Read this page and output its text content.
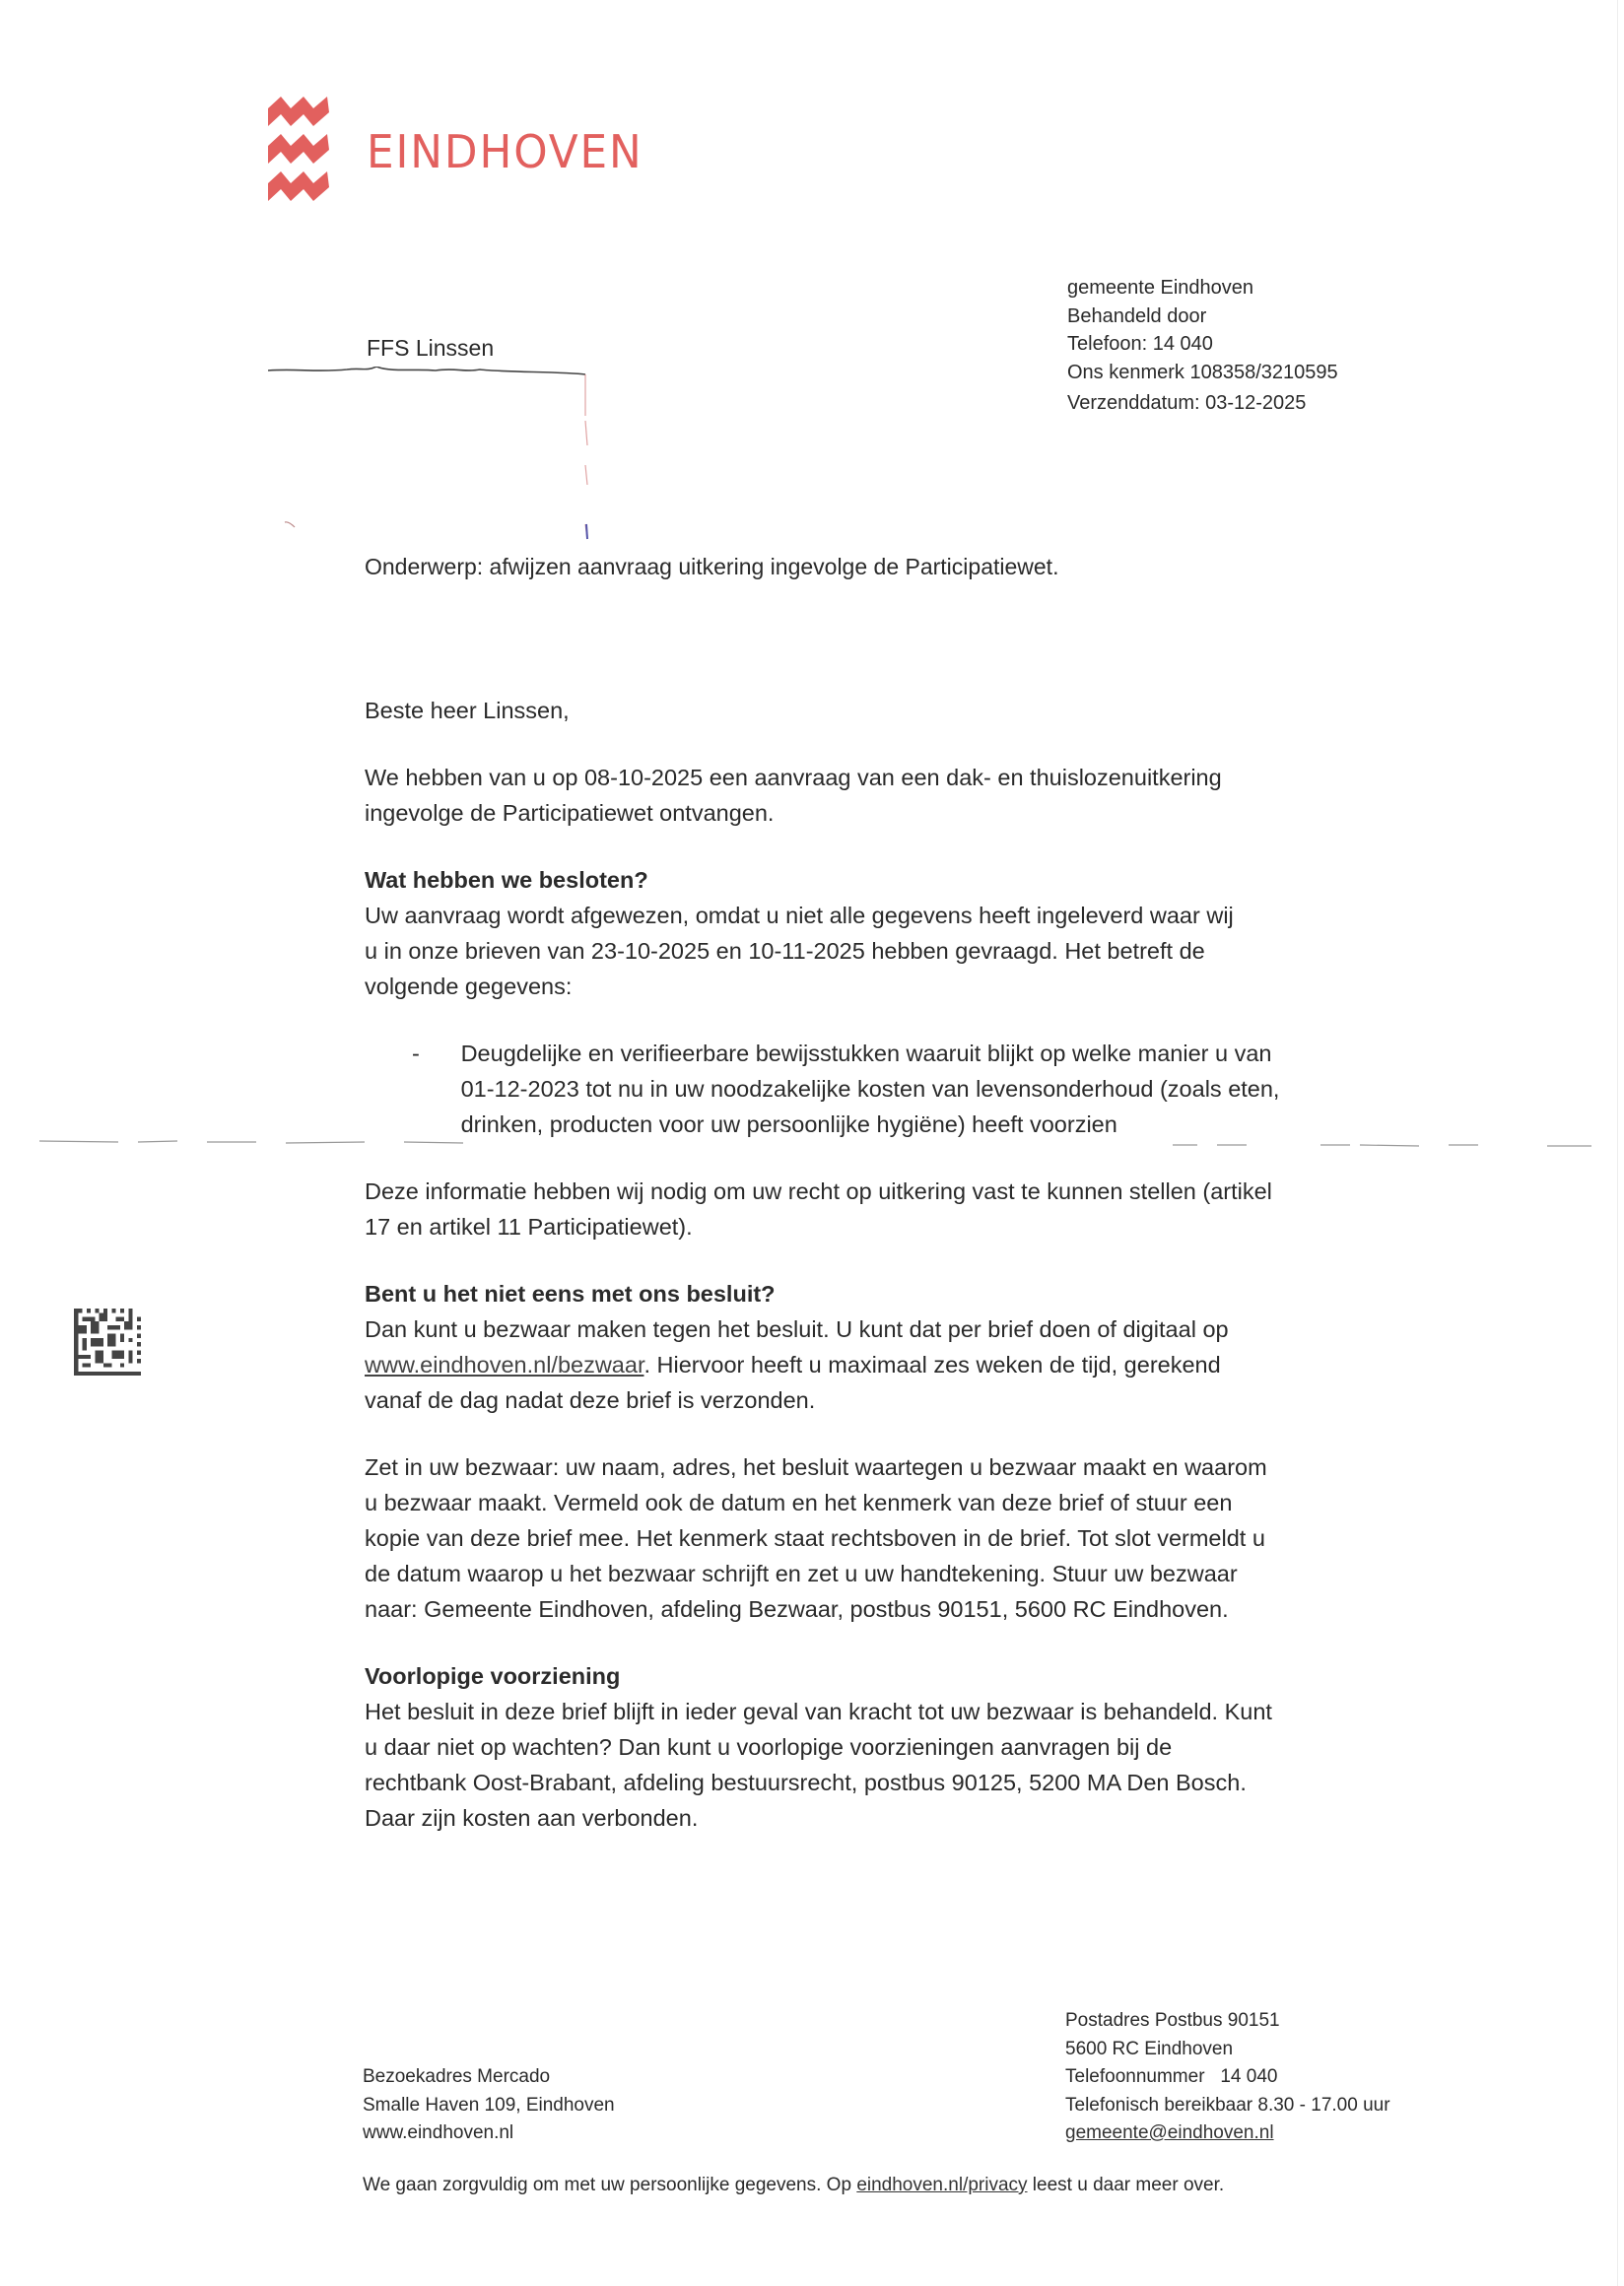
EINDHOVEN
gemeente Eindhoven
Behandeld door
Telefoon: 14 040
Ons kenmerk 108358/3210595
Verzenddatum: 03-12-2025
FFS Linssen
Onderwerp: afwijzen aanvraag uitkering ingevolge de Participatiewet.

Beste heer Linssen,

We hebben van u op 08-10-2025 een aanvraag van een dak- en thuislozenuitkering

ingevolge de Participatiewet ontvangen.

Wat hebben we besloten?

Uw aanvraag wordt afgewezen, omdat u niet alle gegevens heeft ingeleverd waar wij

u in onze brieven van 23-10-2025 en 10-11-2025 hebben gevraagd. Het betreft de

volgende gegevens:

-	Deugdelijke en verifieerbare bewijsstukken waaruit blijkt op welke manier u van

01-12-2023 tot nu in uw noodzakelijke kosten van levensonderhoud (zoals eten,

drinken, producten voor uw persoonlijke hygiëne) heeft voorzien

Deze informatie hebben wij nodig om uw recht op uitkering vast te kunnen stellen (artikel

17 en artikel 11 Participatiewet).

Bent u het niet eens met ons besluit?

Dan kunt u bezwaar maken tegen het besluit. U kunt dat per brief doen of digitaal op

www.eindhoven.nl/bezwaar. Hiervoor heeft u maximaal zes weken de tijd, gerekend

vanaf de dag nadat deze brief is verzonden.

Zet in uw bezwaar: uw naam, adres, het besluit waartegen u bezwaar maakt en waarom

u bezwaar maakt. Vermeld ook de datum en het kenmerk van deze brief of stuur een

kopie van deze brief mee. Het kenmerk staat rechtsboven in de brief. Tot slot vermeldt u

de datum waarop u het bezwaar schrijft en zet u uw handtekening. Stuur uw bezwaar

naar: Gemeente Eindhoven, afdeling Bezwaar, postbus 90151, 5600 RC Eindhoven.

Voorlopige voorziening

Het besluit in deze brief blijft in ieder geval van kracht tot uw bezwaar is behandeld. Kunt

u daar niet op wachten? Dan kunt u voorlopige voorzieningen aanvragen bij de

rechtbank Oost-Brabant, afdeling bestuursrecht, postbus 90125, 5200 MA Den Bosch.

Daar zijn kosten aan verbonden.

Bezoekadres Mercado
Smalle Haven 109, Eindhoven
www.eindhoven.nl
Postadres Postbus 90151
5600 RC Eindhoven
Telefoonnummer   14 040
Telefonisch bereikbaar 8.30 - 17.00 uur
gemeente@eindhoven.nl
We gaan zorgvuldig om met uw persoonlijke gegevens. Op eindhoven.nl/privacy leest u daar meer over.
